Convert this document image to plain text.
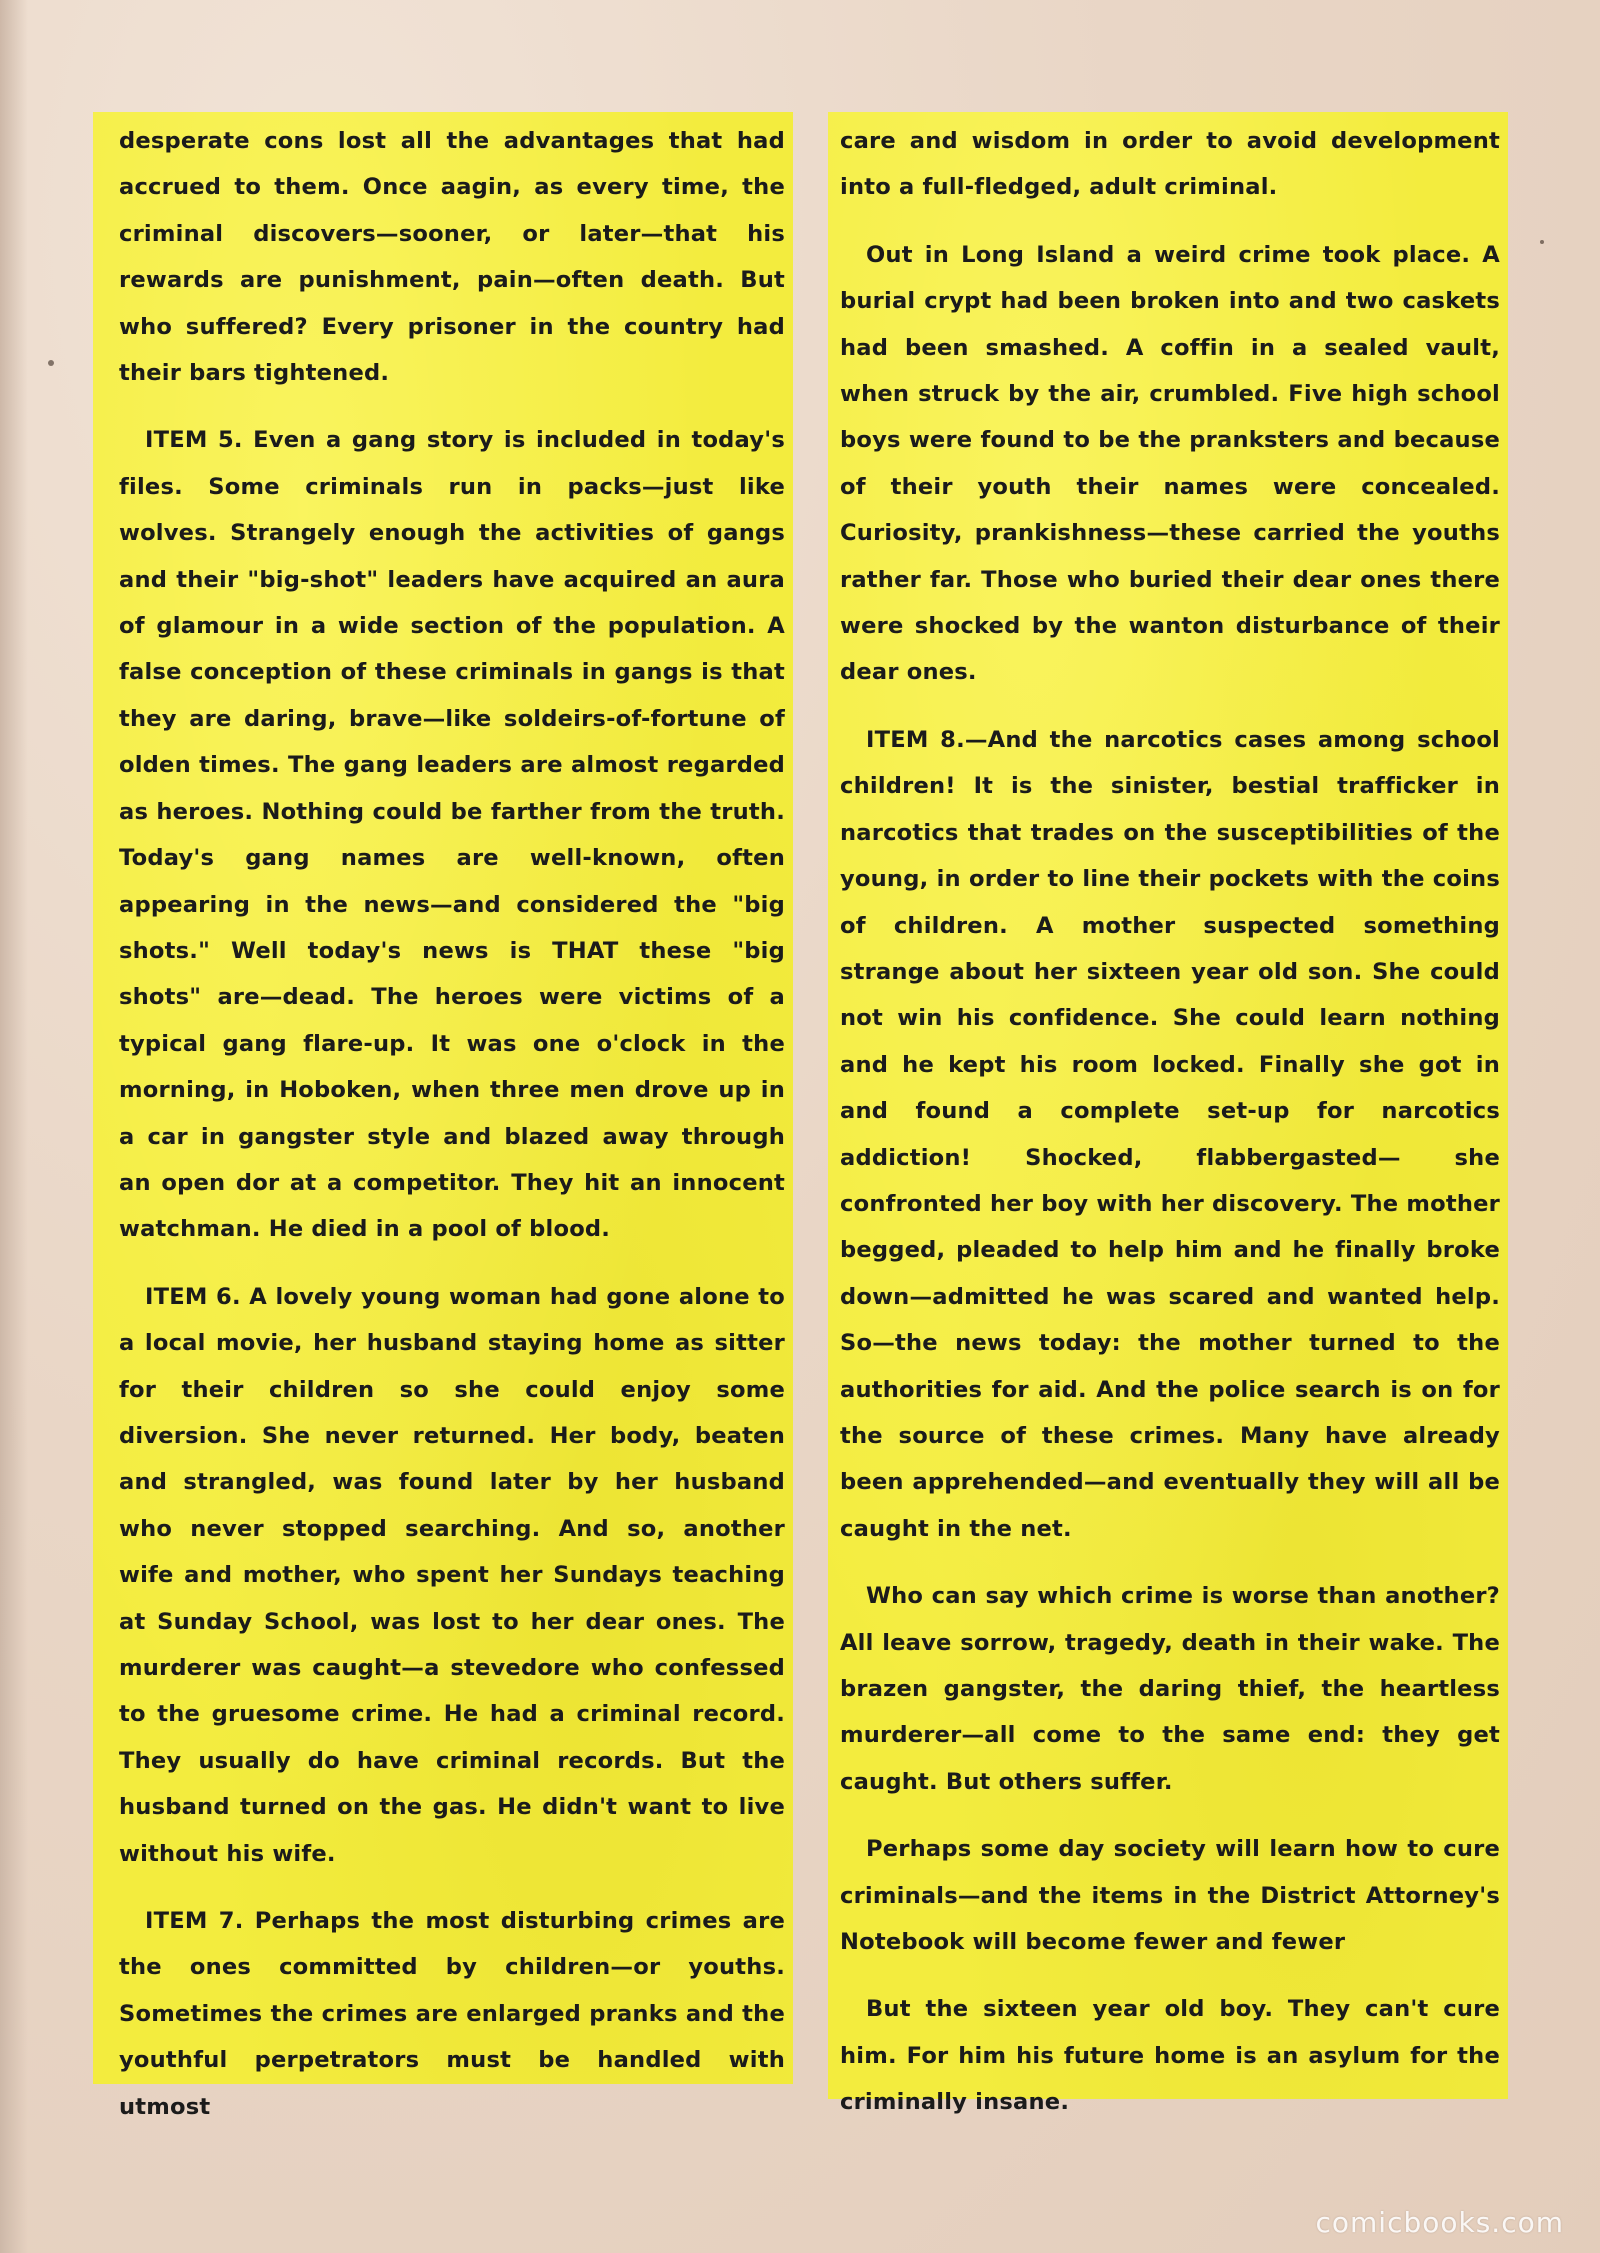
desperate cons lost all the advantages that had accrued to them. Once aagin, as every time, the criminal discovers—sooner, or later—that his rewards are punishment, pain—often death. But who suffered? Every prisoner in the country had their bars tightened.

ITEM 5. Even a gang story is included in today's files. Some criminals run in packs—just like wolves. Strangely enough the activities of gangs and their "big-shot" leaders have acquired an aura of glamour in a wide section of the population. A false conception of these criminals in gangs is that they are daring, brave—like soldeirs-of-fortune of olden times. The gang leaders are almost regarded as heroes. Nothing could be farther from the truth. Today's gang names are well-known, often appearing in the news—and considered the "big shots." Well today's news is THAT these "big shots" are—dead. The heroes were victims of a typical gang flare-up. It was one o'clock in the morning, in Hoboken, when three men drove up in a car in gangster style and blazed away through an open dor at a competitor. They hit an innocent watchman. He died in a pool of blood.

ITEM 6. A lovely young woman had gone alone to a local movie, her husband staying home as sitter for their children so she could enjoy some diversion. She never returned. Her body, beaten and strangled, was found later by her husband who never stopped searching. And so, another wife and mother, who spent her Sundays teaching at Sunday School, was lost to her dear ones. The murderer was caught—a stevedore who confessed to the gruesome crime. He had a criminal record. They usually do have criminal records. But the husband turned on the gas. He didn't want to live without his wife.

ITEM 7. Perhaps the most disturbing crimes are the ones committed by children—or youths. Sometimes the crimes are enlarged pranks and the youthful perpetrators must be handled with utmost

care and wisdom in order to avoid development into a full-fledged, adult criminal.

Out in Long Island a weird crime took place. A burial crypt had been broken into and two caskets had been smashed. A coffin in a sealed vault, when struck by the air, crumbled. Five high school boys were found to be the pranksters and because of their youth their names were concealed. Curiosity, prankishness—these carried the youths rather far. Those who buried their dear ones there were shocked by the wanton disturbance of their dear ones.

ITEM 8.—And the narcotics cases among school children! It is the sinister, bestial trafficker in narcotics that trades on the susceptibilities of the young, in order to line their pockets with the coins of children. A mother suspected something strange about her sixteen year old son. She could not win his confidence. She could learn nothing and he kept his room locked. Finally she got in and found a complete set-up for narcotics addiction! Shocked, flabbergasted— she confronted her boy with her discovery. The mother begged, pleaded to help him and he finally broke down—admitted he was scared and wanted help. So—the news today: the mother turned to the authorities for aid. And the police search is on for the source of these crimes. Many have already been apprehended—and eventually they will all be caught in the net.

Who can say which crime is worse than another? All leave sorrow, tragedy, death in their wake. The brazen gangster, the daring thief, the heartless murderer—all come to the same end: they get caught. But others suffer.

Perhaps some day society will learn how to cure criminals—and the items in the District Attorney's Notebook will become fewer and fewer

But the sixteen year old boy. They can't cure him. For him his future home is an asylum for the criminally insane.

comicbooks.com
